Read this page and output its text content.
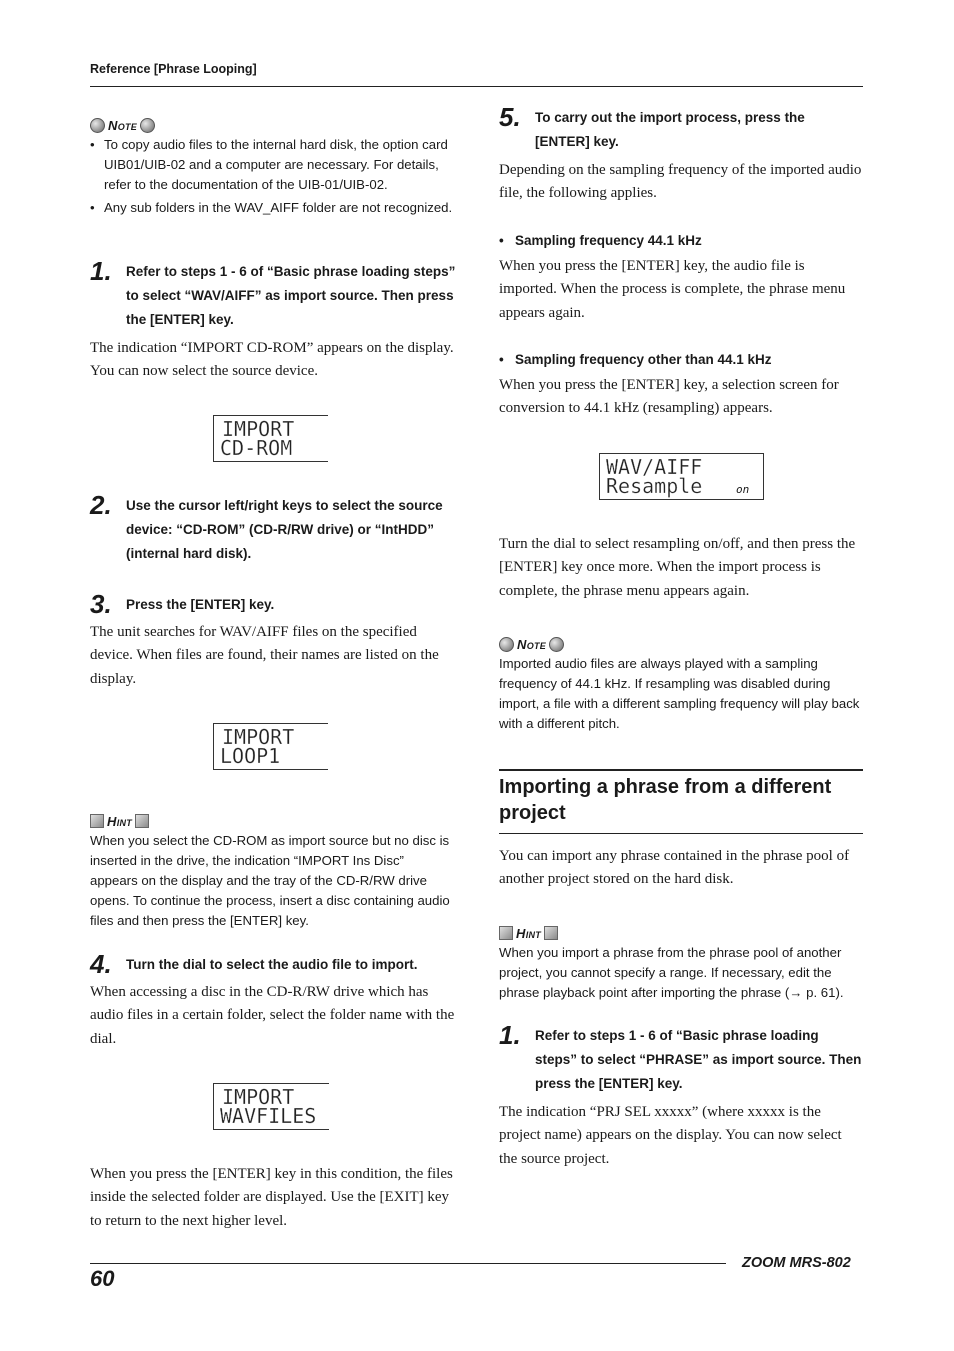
Reference [Phrase Looping]
Note
• To copy audio files to the internal hard disk, the option card UIB01/UIB-02 and a computer are necessary. For details, refer to the documentation of the UIB-01/UIB-02.
• Any sub folders in the WAV_AIFF folder are not recognized.
1. Refer to steps 1 - 6 of “Basic phrase loading steps” to select “WAV/AIFF” as import source. Then press the [ENTER] key.
The indication “IMPORT CD-ROM” appears on the display. You can now select the source device.
IMPORT
CD-ROM
2. Use the cursor left/right keys to select the source device: “CD-ROM” (CD-R/RW drive) or “IntHDD” (internal hard disk).
3. Press the [ENTER] key.
The unit searches for WAV/AIFF files on the specified device. When files are found, their names are listed on the display.
IMPORT
LOOP1
Hint
When you select the CD-ROM as import source but no disc is inserted in the drive, the indication “IMPORT Ins Disc” appears on the display and the tray of the CD-R/RW drive opens. To continue the process, insert a disc containing audio files and then press the [ENTER] key.
4. Turn the dial to select the audio file to import.
When accessing a disc in the CD-R/RW drive which has audio files in a certain folder, select the folder name with the dial.
IMPORT
WAVFILES
When you press the [ENTER] key in this condition, the files inside the selected folder are displayed. Use the [EXIT] key to return to the next higher level.
5. To carry out the import process, press the [ENTER] key.
Depending on the sampling frequency of the imported audio file, the following applies.
•   Sampling frequency 44.1 kHz
When you press the [ENTER] key, the audio file is imported. When the process is complete, the phrase menu appears again.
•   Sampling frequency other than 44.1 kHz
When you press the [ENTER] key, a selection screen for conversion to 44.1 kHz (resampling) appears.
WAV/AIFF
Resample	on
Turn the dial to select resampling on/off, and then press the [ENTER] key once more. When the import process is complete, the phrase menu appears again.
Note
Imported audio files are always played with a sampling frequency of 44.1 kHz. If resampling was disabled during import, a file with a different sampling frequency will play back with a different pitch.
Importing a phrase from a different project
You can import any phrase contained in the phrase pool of another project stored on the hard disk.
Hint
When you import a phrase from the phrase pool of another project, you cannot specify a range. If necessary, edit the phrase playback point after importing the phrase (→ p. 61).
1. Refer to steps 1 - 6 of “Basic phrase loading steps” to select “PHRASE” as import source. Then press the [ENTER] key.
The indication “PRJ SEL xxxxx” (where xxxxx is the project name) appears on the display. You can now select the source project.
60
ZOOM MRS-802
